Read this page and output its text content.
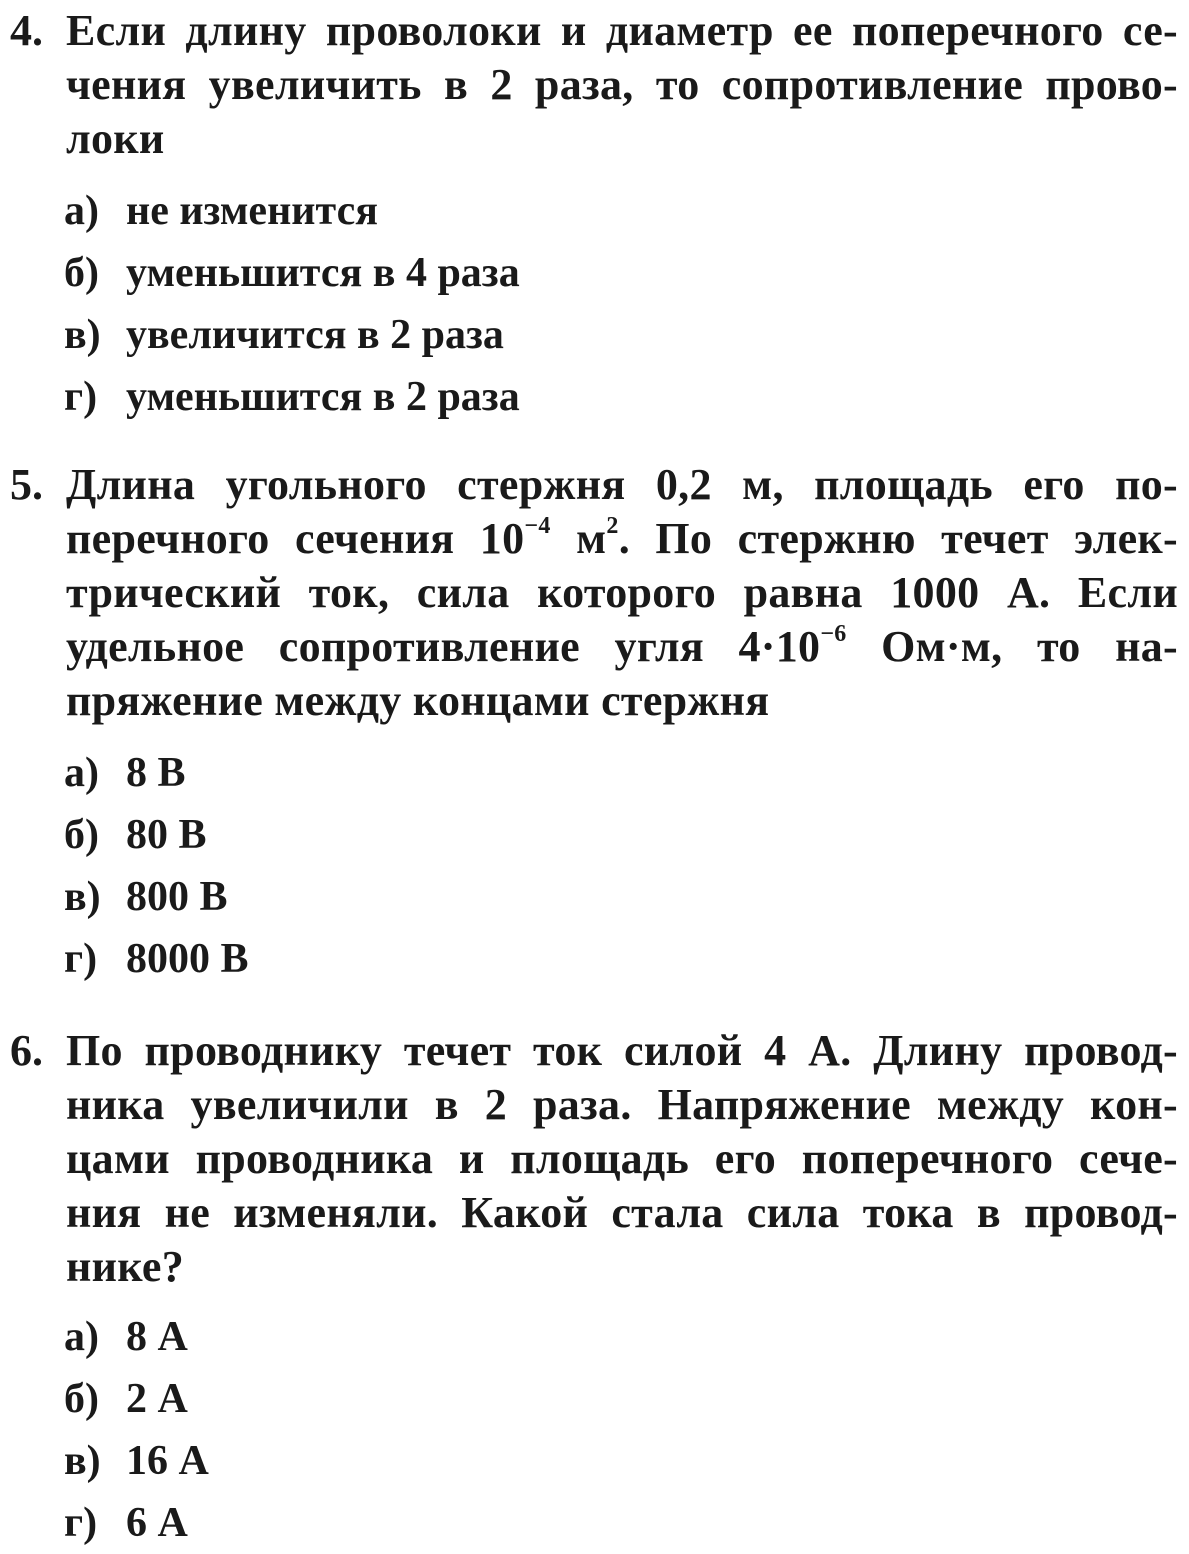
4. Если длину проволоки и диаметр ее поперечного се-
чения увеличить в 2 раза, то сопротивление прово-
локи
а) не изменится
б) уменьшится в 4 раза
в) увеличится в 2 раза
г) уменьшится в 2 раза
5. Длина угольного стержня 0,2 м, площадь его по-
перечного сечения $10^{-4}$ $м^2$. По стержню течет элек-
трический ток, сила которого равна 1000 А. Если
удельное сопротивление угля $4\cdot 10^{-6}$ Ом·м, то на-
пряжение между концами стержня
а) 8 В
б) 80 В
в) 800 В
г) 8000 В
6. По проводнику течет ток силой 4 А. Длину провод-
ника увеличили в 2 раза. Напряжение между кон-
цами проводника и площадь его поперечного сече-
ния не изменяли. Какой стала сила тока в провод-
нике?
а) 8 А
б) 2 А
в) 16 А
г) 6 А
